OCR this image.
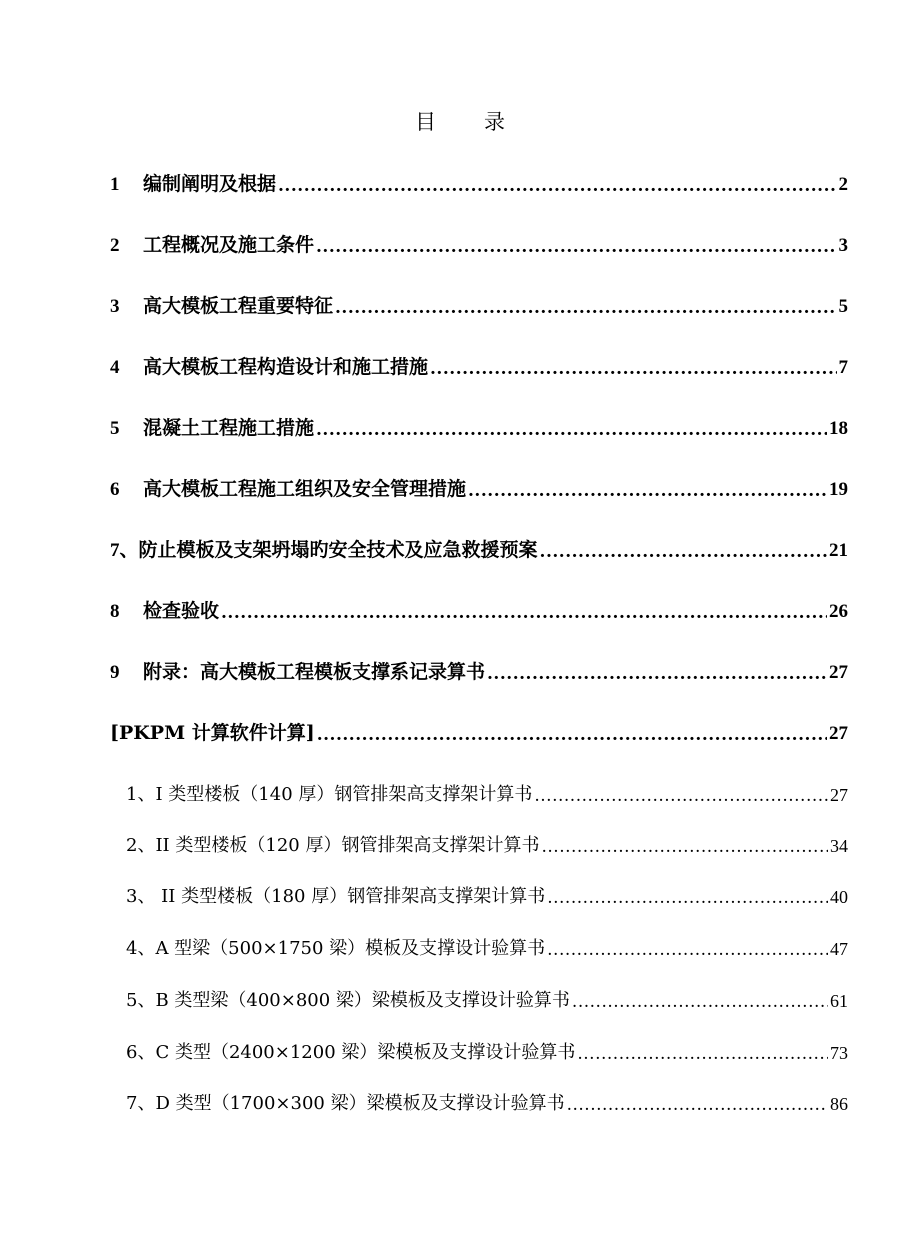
目 录
1	编制阐明及根据 .....	2
2	工程概况及施工条件 .....	3
3	高大模板工程重要特征 .....	5
4	高大模板工程构造设计和施工措施 .....	7
5	混凝土工程施工措施 .....	18
6	高大模板工程施工组织及安全管理措施 .....	19
7、 防止模板及支架坍塌旳安全技术及应急救援预案 .....	21
8	检查验收 .....	26
9	附录：高大模板工程模板支撑系记录算书 .....	27
[PKPM 计算软件计算] .....	27
1、I 类型楼板（140 厚）钢管排架高支撑架计算书 .....	27
2、II 类型楼板（120 厚）钢管排架高支撑架计算书 .....	34
3、 II 类型楼板（180 厚）钢管排架高支撑架计算书 .....	40
4、A 型梁（500×1750 梁）模板及支撑设计验算书 .....	47
5、B 类型梁（400×800 梁）梁模板及支撑设计验算书 .....	61
6、C 类型（2400×1200 梁）梁模板及支撑设计验算书 .....	73
7、D 类型（1700×300 梁）梁模板及支撑设计验算书 .....	86
